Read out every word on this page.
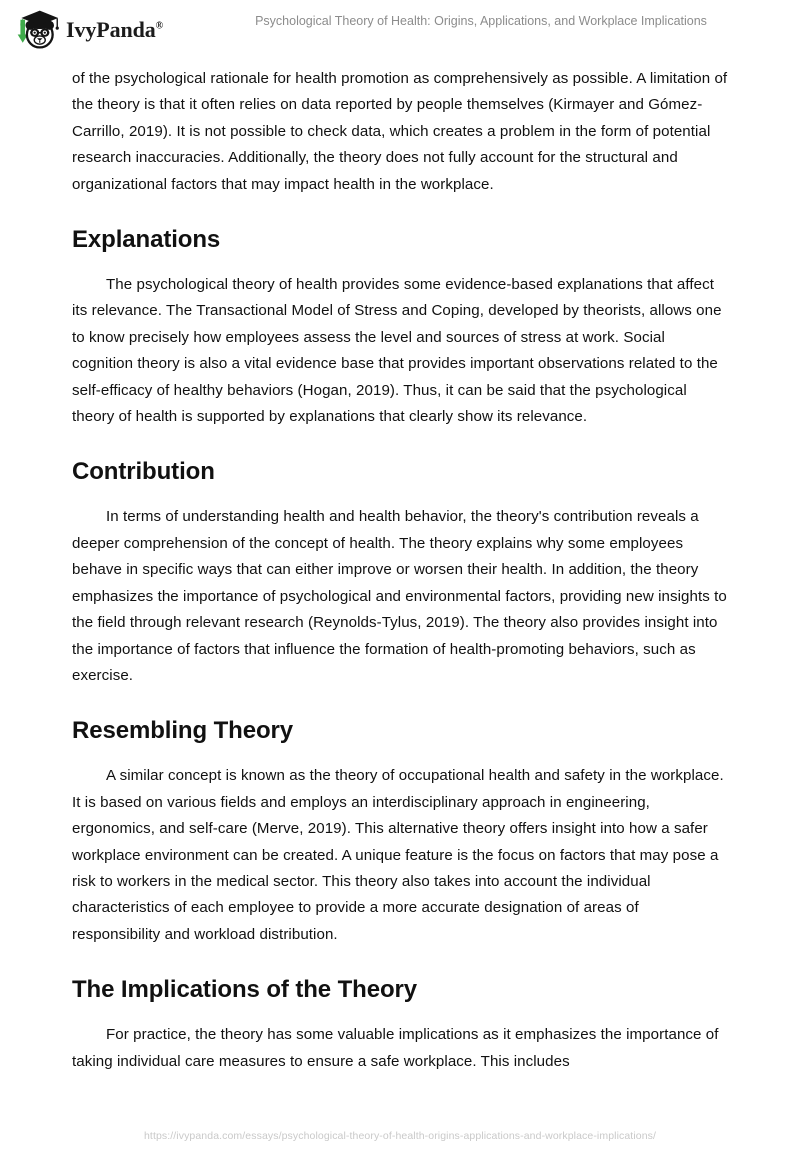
IvyPanda®	Psychological Theory of Health: Origins, Applications, and Workplace Implications

of the psychological rationale for health promotion as comprehensively as possible. A limitation of the theory is that it often relies on data reported by people themselves (Kirmayer and Gómez-Carrillo, 2019). It is not possible to check data, which creates a problem in the form of potential research inaccuracies. Additionally, the theory does not fully account for the structural and organizational factors that may impact health in the workplace.

Explanations

The psychological theory of health provides some evidence-based explanations that affect its relevance. The Transactional Model of Stress and Coping, developed by theorists, allows one to know precisely how employees assess the level and sources of stress at work. Social cognition theory is also a vital evidence base that provides important observations related to the self-efficacy of healthy behaviors (Hogan, 2019). Thus, it can be said that the psychological theory of health is supported by explanations that clearly show its relevance.

Contribution

In terms of understanding health and health behavior, the theory's contribution reveals a deeper comprehension of the concept of health. The theory explains why some employees behave in specific ways that can either improve or worsen their health. In addition, the theory emphasizes the importance of psychological and environmental factors, providing new insights to the field through relevant research (Reynolds-Tylus, 2019). The theory also provides insight into the importance of factors that influence the formation of health-promoting behaviors, such as exercise.

Resembling Theory

A similar concept is known as the theory of occupational health and safety in the workplace. It is based on various fields and employs an interdisciplinary approach in engineering, ergonomics, and self-care (Merve, 2019). This alternative theory offers insight into how a safer workplace environment can be created. A unique feature is the focus on factors that may pose a risk to workers in the medical sector. This theory also takes into account the individual characteristics of each employee to provide a more accurate designation of areas of responsibility and workload distribution.

The Implications of the Theory

For practice, the theory has some valuable implications as it emphasizes the importance of taking individual care measures to ensure a safe workplace. This includes

https://ivypanda.com/essays/psychological-theory-of-health-origins-applications-and-workplace-implications/
